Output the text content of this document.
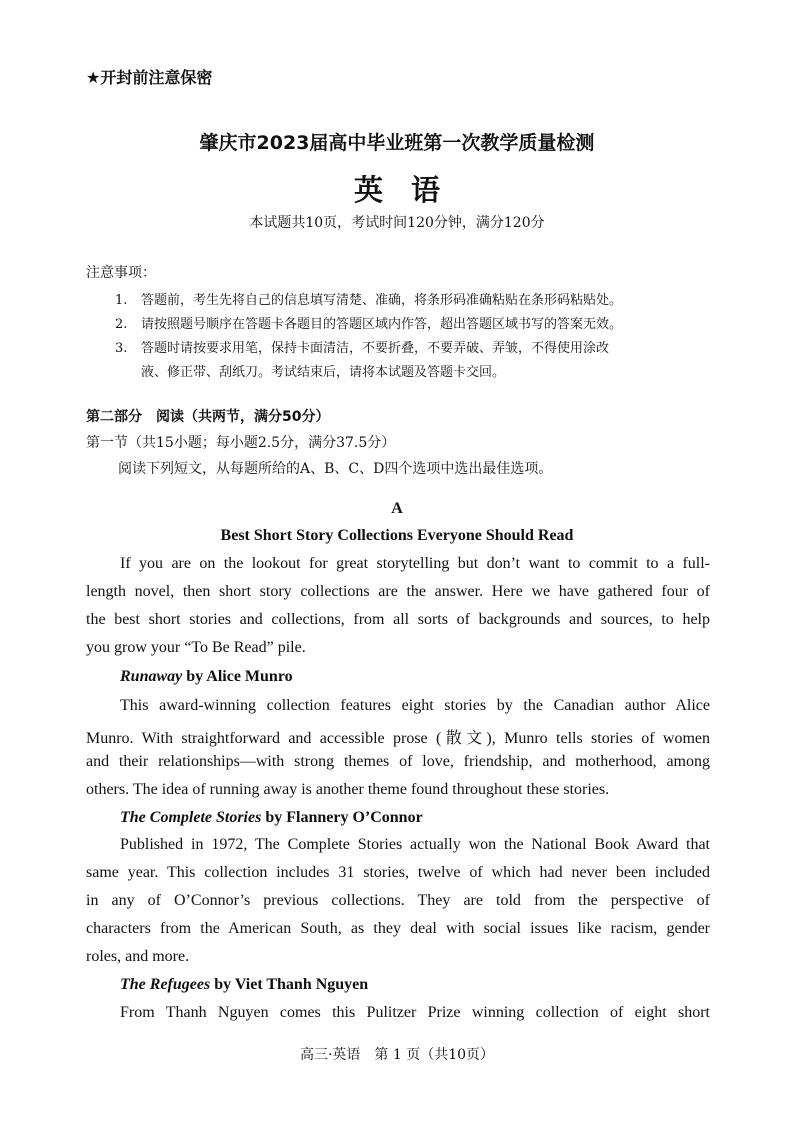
★开封前注意保密
肇庆市2023届高中毕业班第一次教学质量检测
英语
本试题共10页，考试时间120分钟，满分120分
注意事项：
1. 答题前，考生先将自己的信息填写清楚、准确，将条形码准确粘贴在条形码粘贴处。
2. 请按照题号顺序在答题卡各题目的答题区域内作答，超出答题区域书写的答案无效。
3. 答题时请按要求用笔，保持卡面清洁，不要折叠，不要弄破、弄皱，不得使用涂改
液、修正带、刮纸刀。考试结束后，请将本试题及答题卡交回。
第二部分　阅读（共两节，满分50分）
第一节（共15小题；每小题2.5分，满分37.5分）
阅读下列短文，从每题所给的A、B、C、D四个选项中选出最佳选项。
A
Best Short Story Collections Everyone Should Read
If you are on the lookout for great storytelling but don’t want to commit to a full-
length novel, then short story collections are the answer. Here we have gathered four of
the best short stories and collections, from all sorts of backgrounds and sources, to help
you grow your “To Be Read” pile.
Runaway by Alice Munro
This award-winning collection features eight stories by the Canadian author Alice
Munro. With straightforward and accessible prose (散文), Munro tells stories of women
and their relationships—with strong themes of love, friendship, and motherhood, among
others. The idea of running away is another theme found throughout these stories.
The Complete Stories by Flannery O’Connor
Published in 1972, The Complete Stories actually won the National Book Award that
same year. This collection includes 31 stories, twelve of which had never been included
in any of O’Connor’s previous collections. They are told from the perspective of
characters from the American South, as they deal with social issues like racism, gender
roles, and more.
The Refugees by Viet Thanh Nguyen
From Thanh Nguyen comes this Pulitzer Prize winning collection of eight short
高三·英语　第 1 页（共10页）
